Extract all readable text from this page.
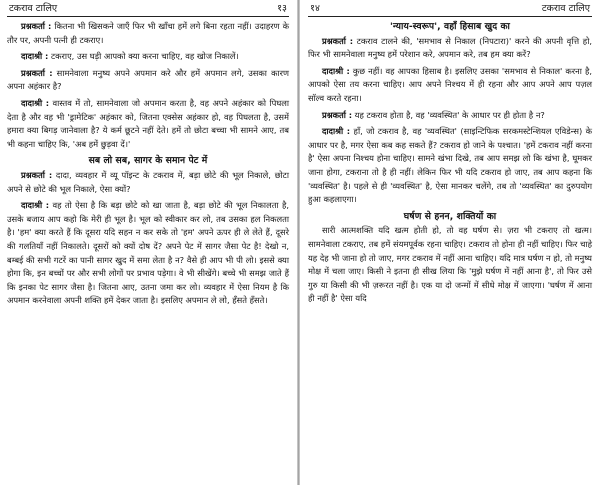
टकराव टालिए	१३

प्रश्नकर्ता : कितना भी खिसकने जाएँ फिर भी खाँचा हमें लगे बिना रहता नहीं। उदाहरण के तौर पर, अपनी पत्नी ही टकराए।

दादाश्री : टकराए, उस घड़ी आपको क्या करना चाहिए, वह खोज निकालें।

प्रश्नकर्ता : सामनेवाला मनुष्य अपने अपमान करे और हमें अपमान लगे, उसका कारण अपना अहंकार है?

दादाश्री : वास्तव में तो, सामनेवाला जो अपमान करता है, वह अपने अहंकार को पिघला देता है और वह भी 'ड्रामेटिक' अहंकार को, जितना एक्सेस अहंकार हो, वह पिघलता है, उसमें हमारा क्या बिगड़ जानेवाला है? ये कर्म छूटने नहीं देते। हमें तो छोटा बच्चा भी सामने आए, तब भी कहना चाहिए कि, 'अब हमें छुड़वा दें।'

सब लो सब, सागर के समान पेट में

प्रश्नकर्ता : दादा, व्यवहार में व्यू पॉइन्ट के टकराव में, बड़ा छोटे की भूल निकाले, छोटा अपने से छोटे की भूल निकाले, ऐसा क्यों?

दादाश्री : वह तो ऐसा है कि बड़ा छोटे को खा जाता है, बड़ा छोटे की भूल निकालता है, उसके बजाय आप कहो कि मेरी ही भूल है। भूल को स्वीकार कर लो, तब उसका हल निकलता है। 'हम' क्या करते हैं कि दूसरा यदि सहन न कर सके तो 'हम' अपने ऊपर ही ले लेते हैं, दूसरे की गलतियाँ नहीं निकालते। दूसरों को क्यों दोष दें? अपने पेट में सागर जैसा पेट है! देखो न, बम्बई की सभी गटरें का पानी सागर खुद में समा लेता है न? वैसे ही आप भी पी लो। इससे क्या होगा कि, इन बच्चों पर और सभी लोगों पर प्रभाव पड़ेगा। वे भी सीखेंगे। बच्चे भी समझ जाते हैं कि इनका पेट सागर जैसा है। जितना आए, उतना जमा कर लो। व्यवहार में ऐसा नियम है कि अपमान करनेवाला अपनी शक्ति हमें देकर जाता है। इसलिए अपमान ले लो, हँसते हँसते।

१४	टकराव टालिए
'न्याय-स्वरूप', वहाँ हिसाब खुद का

प्रश्नकर्ता : टकराव टालने की, 'समभाव से निकाल (निपटारा)' करने की अपनी वृत्ति हो, फिर भी सामनेवाला मनुष्य हमें परेशान करे, अपमान करे, तब हम क्या करें?

दादाश्री : कुछ नहीं। वह आपका हिसाब है। इसलिए उसका 'समभाव से निकाल' करना है, आपको ऐसा तय करना चाहिए। आप अपने निश्चय में ही रहना और आप अपने आप पज़ल सॉल्व करते रहना।

प्रश्नकर्ता : यह टकराव होता है, वह 'व्यवस्थित' के आधार पर ही होता है न?

दादाश्री : हाँ, जो टकराव है, वह 'व्यवस्थित' (साइन्टिफिक सरकमस्टेन्शियल एविडेन्स) के आधार पर है, मगर ऐसा कब कह सकते हैं? टकराव हो जाने के पश्चात। 'हमें टकराव नहीं करना है' ऐसा अपना निश्चय होना चाहिए। सामने खंभा दिखे, तब आप समझ लो कि खंभा है, घूमकर जाना होगा, टकराना तो है ही नहीं। लेकिन फिर भी यदि टकराव हो जाए, तब आप कहना कि 'व्यवस्थित' है। पहले से ही 'व्यवस्थित' है, ऐसा मानकर चलेंगे, तब तो 'व्यवस्थित' का दुरुपयोग हुआ कहलाएगा।

घर्षण से हनन, शक्तियों का

सारी आत्मशक्ति यदि खत्म होती हो, तो वह घर्षण से। ज़रा भी टकराए तो खत्म। सामनेवाला टकराए, तब हमें संयमपूर्वक रहना चाहिए। टकराव तो होना ही नहीं चाहिए। फिर चाहे यह देह भी जाना हो तो जाए, मगर टकराव में नहीं आना चाहिए। यदि मात्र घर्षण न हो, तो मनुष्य मोक्ष में चला जाए। किसी ने इतना ही सीख लिया कि 'मुझे घर्षण में नहीं आना है', तो फिर उसे गुरु या किसी की भी ज़रूरत नहीं है। एक या दो जन्मों में सीधे मोक्ष में जाएगा। 'घर्षण में आना ही नहीं है' ऐसा यदि
